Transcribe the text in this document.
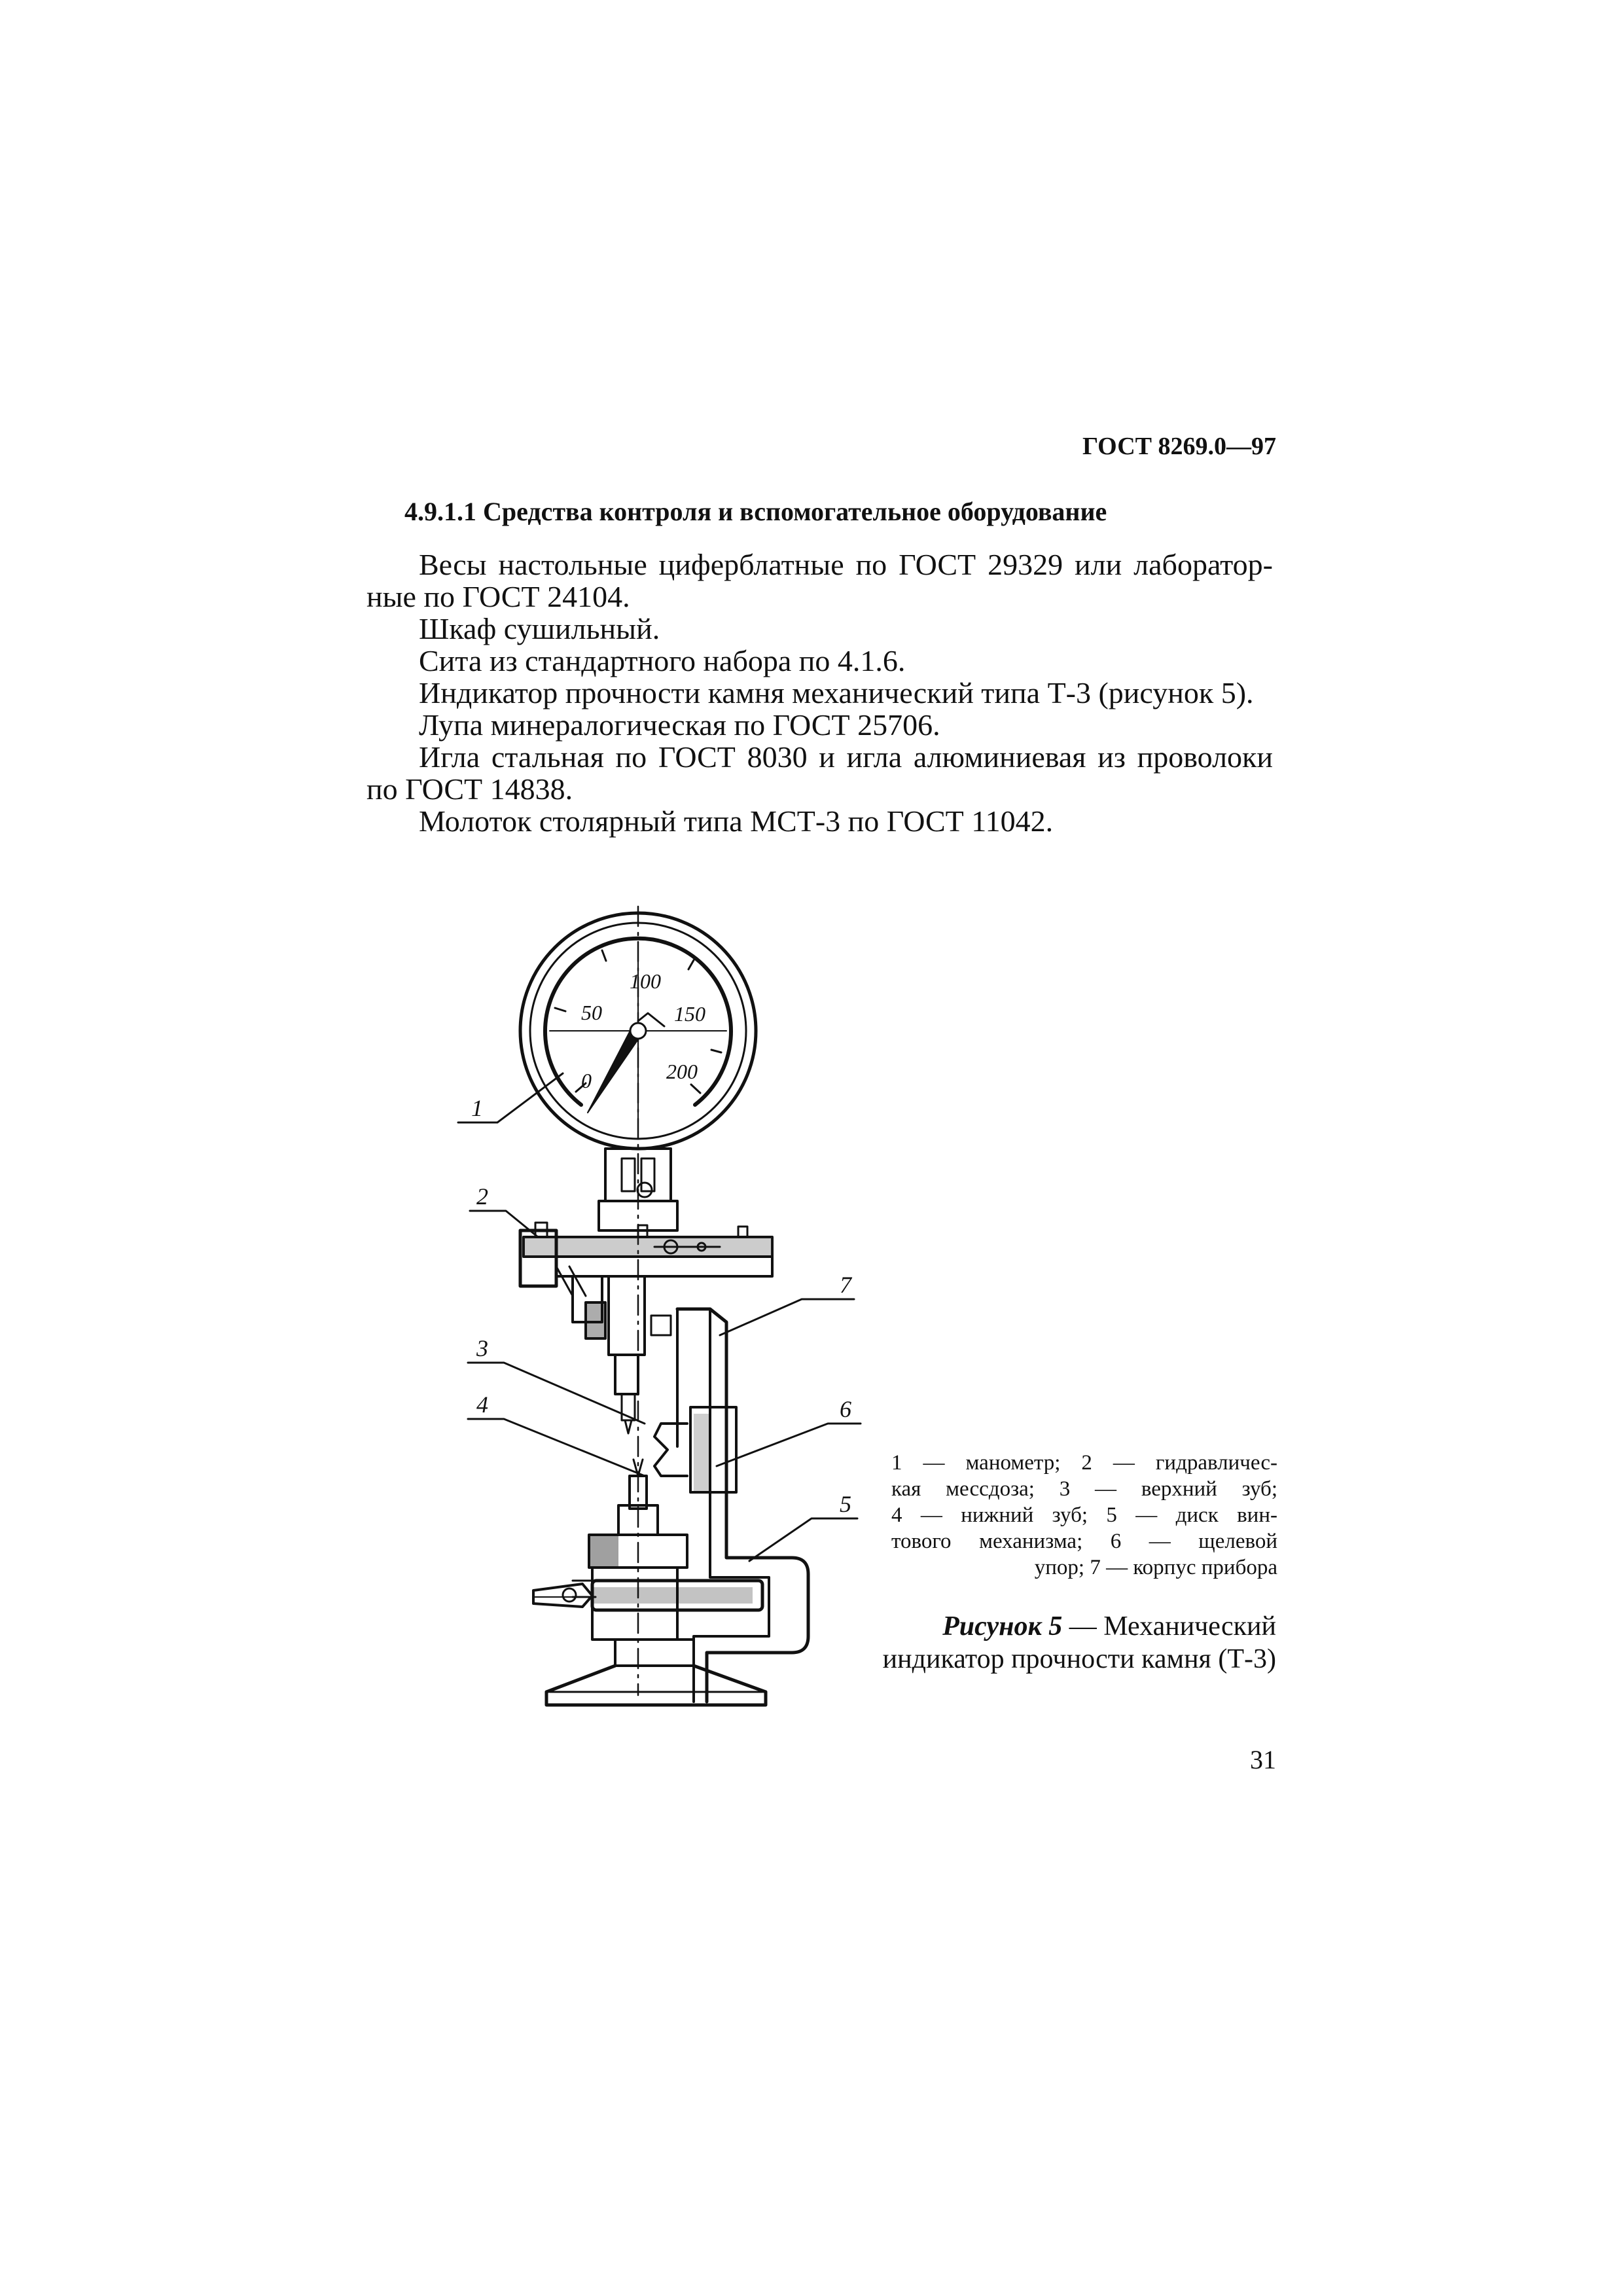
ГОСТ 8269.0—97
4.9.1.1 Средства контроля и вспомогательное оборудование
Весы настольные циферблатные по ГОСТ 29329 или лаборатор-
ные по ГОСТ 24104.
Шкаф сушильный.
Сита из стандартного набора по 4.1.6.
Индикатор прочности камня механический типа Т-3 (рисунок 5).
Лупа минералогическая по ГОСТ 25706.
Игла стальная по ГОСТ 8030 и игла алюминиевая из проволоки
по ГОСТ 14838.
Молоток столярный типа МСТ-3 по ГОСТ 11042.
0
50
100
150
200
1
2
3
4
5
6
7
1 — манометр; 2 — гидравличес-
кая мессдоза; 3 — верхний зуб;
4 — нижний зуб; 5 — диск вин-
тового механизма; 6 — щелевой
упор; 7 — корпус прибора
Рисунок 5 — Механический
индикатор прочности камня (Т-3)
31
